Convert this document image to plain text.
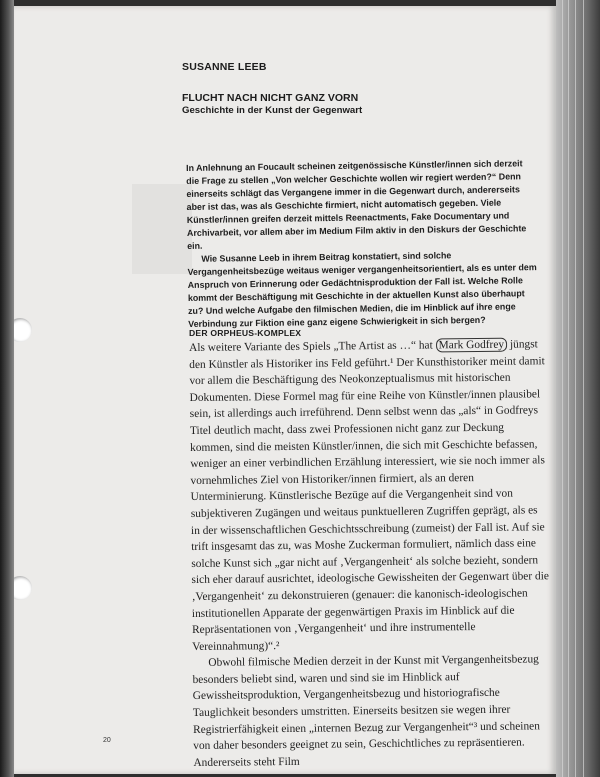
SUSANNE LEEB
FLUCHT NACH NICHT GANZ VORN
Geschichte in der Kunst der Gegenwart

In Anlehnung an Foucault scheinen zeitgenössische Künstler/innen sich derzeit die Frage zu stellen „Von welcher Geschichte wollen wir regiert werden?“ Denn einerseits schlägt das Vergangene immer in die Gegenwart durch, andererseits aber ist das, was als Geschichte firmiert, nicht automatisch gegeben. Viele Künstler/innen greifen derzeit mittels Reenactments, Fake Documentary und Archivarbeit, vor allem aber im Medium Film aktiv in den Diskurs der Geschichte ein.

Wie Susanne Leeb in ihrem Beitrag konstatiert, sind solche Vergangenheitsbezüge weitaus weniger vergangenheitsorientiert, als es unter dem Anspruch von Erinnerung oder Gedächtnisproduktion der Fall ist. Welche Rolle kommt der Beschäftigung mit Geschichte in der aktuellen Kunst also überhaupt zu? Und welche Aufgabe den filmischen Medien, die im Hinblick auf ihre enge Verbindung zur Fiktion eine ganz eigene Schwierigkeit in sich bergen?

DER ORPHEUS-KOMPLEX

Als weitere Variante des Spiels „The Artist as …“ hat Mark Godfrey jüngst den Künstler als Historiker ins Feld geführt.¹ Der Kunsthistoriker meint damit vor allem die Beschäftigung des Neokonzeptualismus mit historischen Dokumenten. Diese Formel mag für eine Reihe von Künstler/innen plausibel sein, ist allerdings auch irreführend. Denn selbst wenn das „als“ in Godfreys Titel deutlich macht, dass zwei Professionen nicht ganz zur Deckung kommen, sind die meisten Künstler/innen, die sich mit Geschichte befassen, weniger an einer verbindlichen Erzählung interessiert, wie sie noch immer als vornehmliches Ziel von Historiker/innen firmiert, als an deren Unterminierung. Künstlerische Bezüge auf die Vergangenheit sind von subjektiveren Zugängen und weitaus punktuelleren Zugriffen geprägt, als es in der wissenschaftlichen Geschichtsschreibung (zumeist) der Fall ist. Auf sie trift insgesamt das zu, was Moshe Zuckerman formuliert, nämlich dass eine solche Kunst sich „gar nicht auf ‚Vergangenheit‘ als solche bezieht, sondern sich eher darauf ausrichtet, ideologische Gewissheiten der Gegenwart über die ‚Vergangenheit‘ zu dekonstruieren (genauer: die kanonisch-ideologischen institutionellen Apparate der gegenwärtigen Praxis im Hinblick auf die Repräsentationen von ‚Vergangenheit‘ und ihre instrumentelle Vereinnahmung)“.²

Obwohl filmische Medien derzeit in der Kunst mit Vergangenheitsbezug besonders beliebt sind, waren und sind sie im Hinblick auf Gewissheitsproduktion, Vergangenheitsbezug und historiografische Tauglichkeit besonders umstritten. Einerseits besitzen sie wegen ihrer Registrierfähigkeit einen „internen Bezug zur Vergangenheit“³ und scheinen von daher besonders geeignet zu sein, Geschichtliches zu repräsentieren. Andererseits steht Film

20
